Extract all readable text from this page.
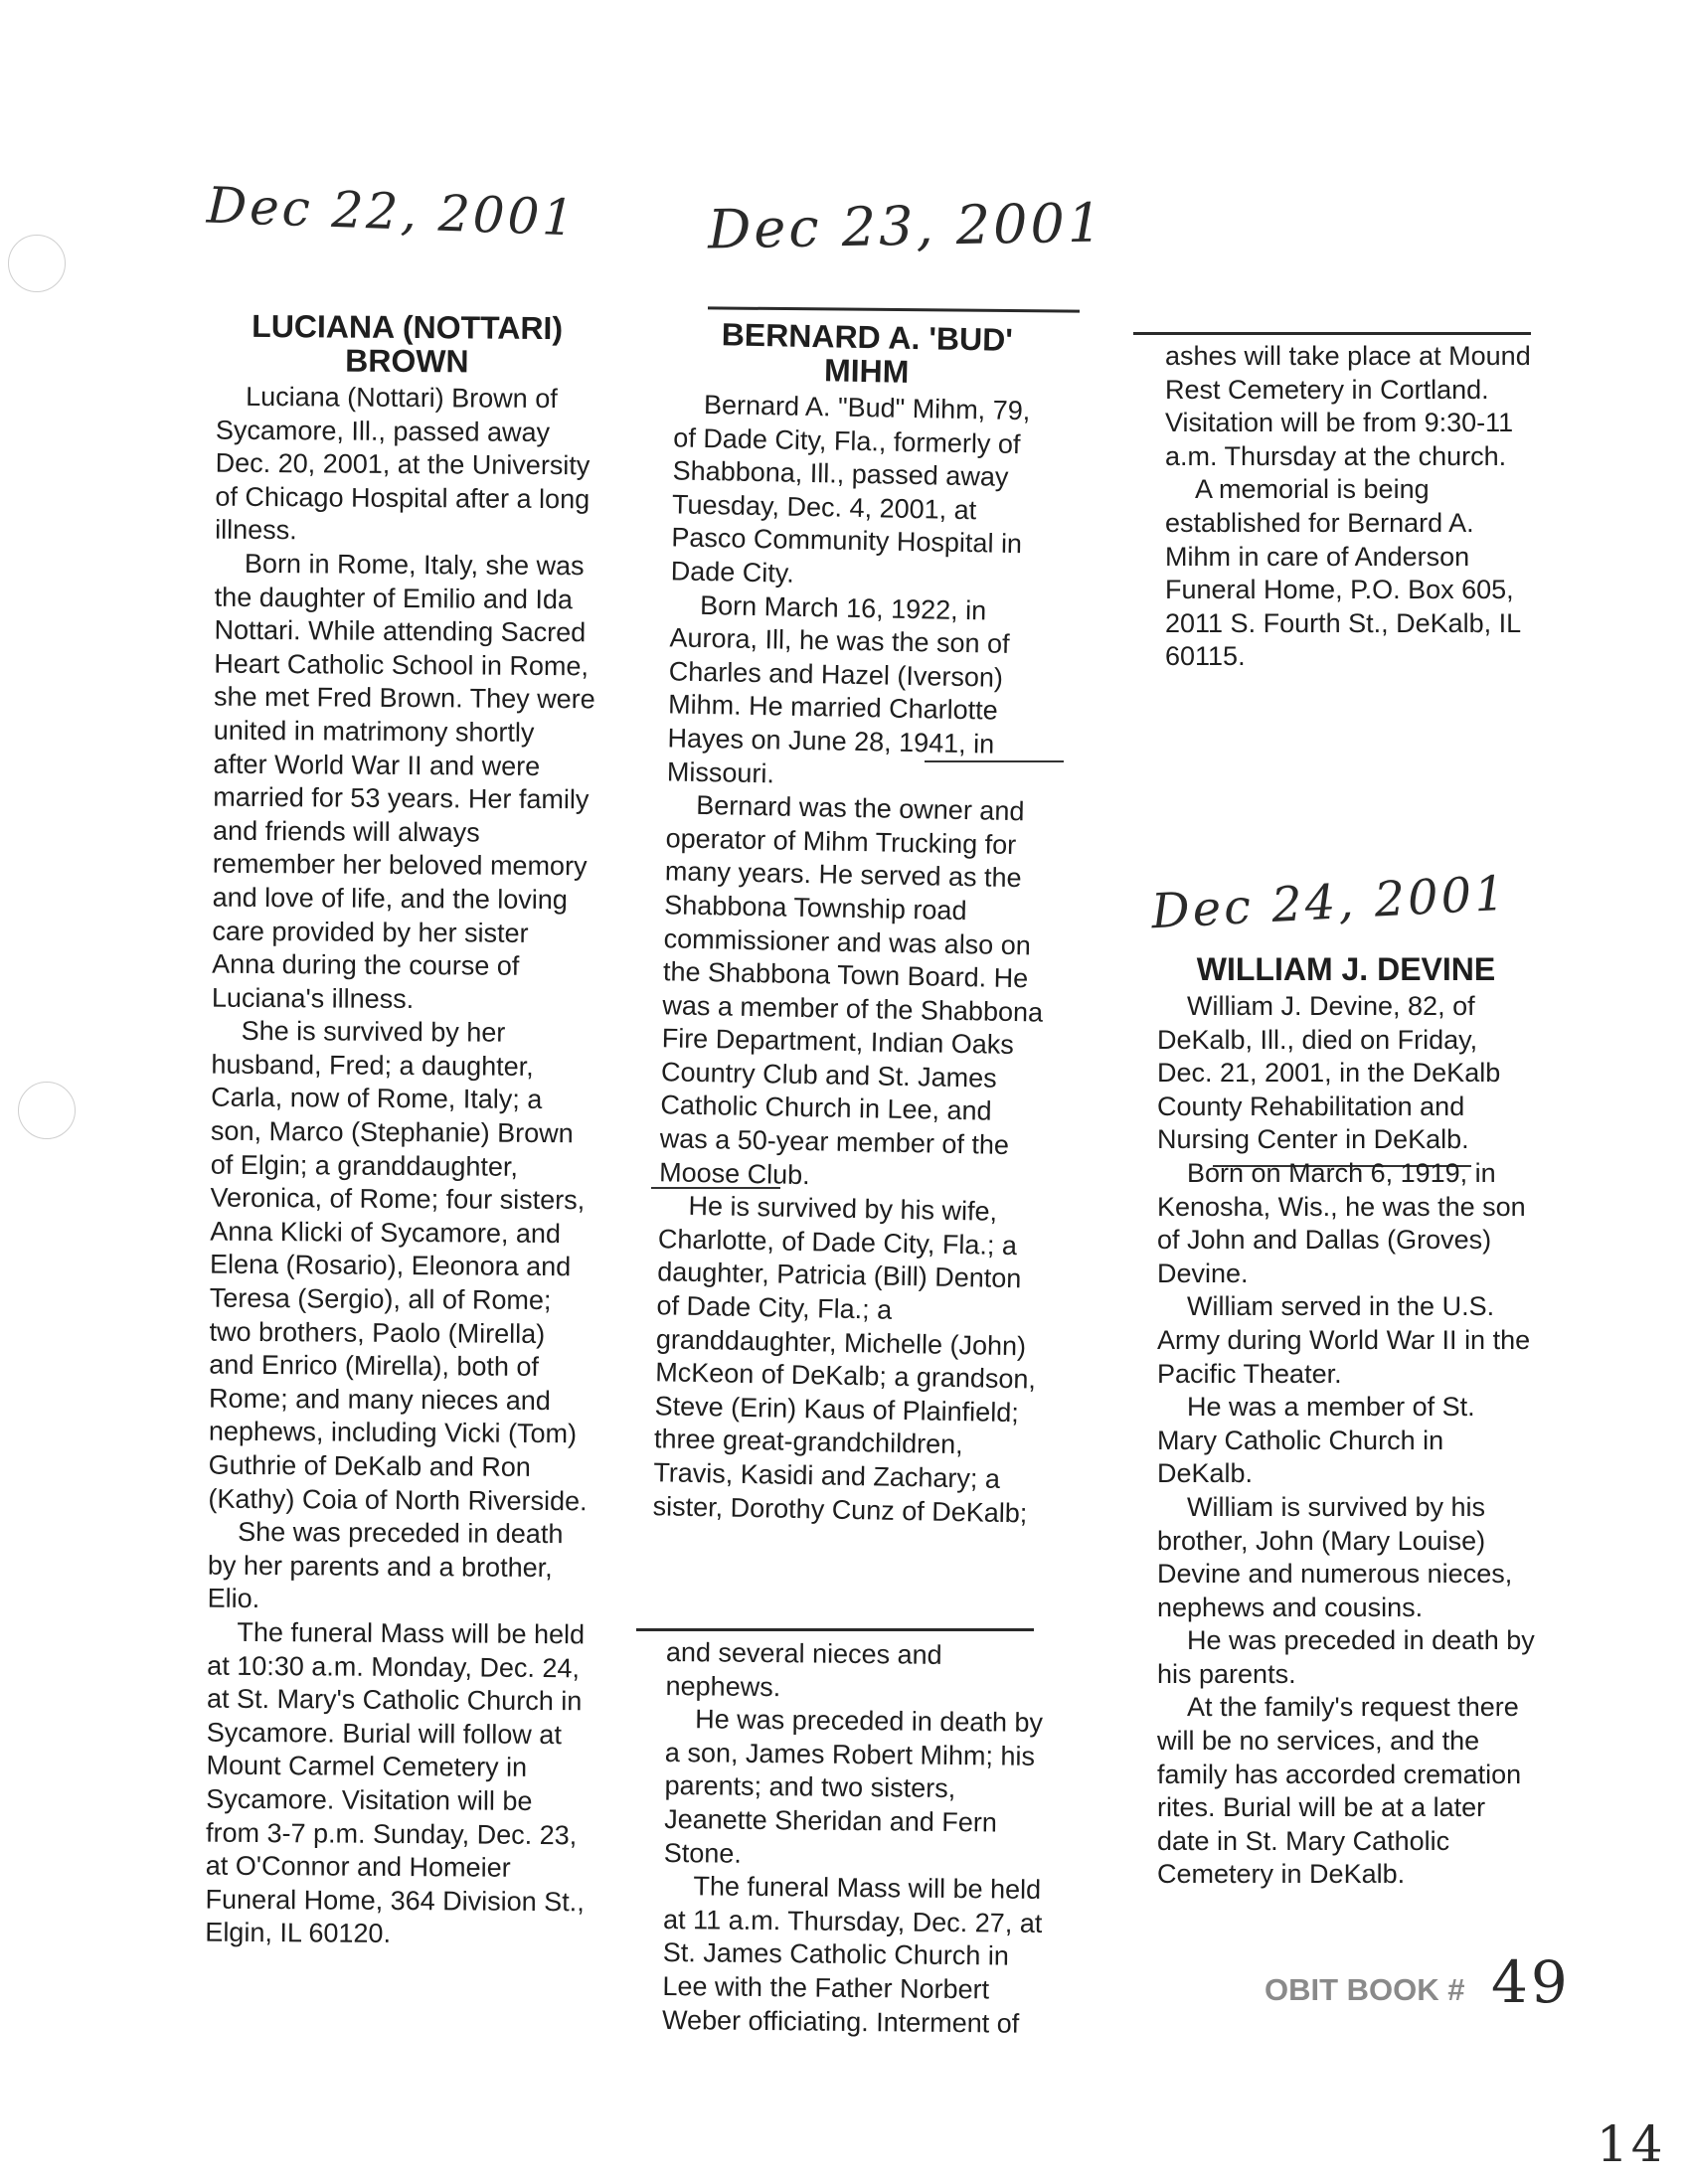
Dec 22, 2001 Dec 23, 2001
Dec 24, 2001
LUCIANA (NOTTARI) BROWN

Luciana (Nottari) Brown of Sycamore, Ill., passed away Dec. 20, 2001, at the University of Chicago Hospital after a long illness.

Born in Rome, Italy, she was the daughter of Emilio and Ida Nottari. While attending Sacred Heart Catholic School in Rome, she met Fred Brown. They were united in matrimony shortly after World War II and were married for 53 years. Her family and friends will always remember her beloved memory and love of life, and the loving care provided by her sister Anna during the course of Luciana's illness.

She is survived by her husband, Fred; a daughter, Carla, now of Rome, Italy; a son, Marco (Stephanie) Brown of Elgin; a granddaughter, Veronica, of Rome; four sisters, Anna Klicki of Sycamore, and Elena (Rosario), Eleonora and Teresa (Sergio), all of Rome; two brothers, Paolo (Mirella) and Enrico (Mirella), both of Rome; and many nieces and nephews, including Vicki (Tom) Guthrie of DeKalb and Ron (Kathy) Coia of North Riverside.

She was preceded in death by her parents and a brother, Elio.

The funeral Mass will be held at 10:30 a.m. Monday, Dec. 24, at St. Mary's Catholic Church in Sycamore. Burial will follow at Mount Carmel Cemetery in Sycamore. Visitation will be from 3-7 p.m. Sunday, Dec. 23, at O'Connor and Homeier Funeral Home, 364 Division St., Elgin, IL 60120.

BERNARD A. 'BUD' MIHM

Bernard A. "Bud" Mihm, 79, of Dade City, Fla., formerly of Shabbona, Ill., passed away Tuesday, Dec. 4, 2001, at Pasco Community Hospital in Dade City.

Born March 16, 1922, in Aurora, Ill, he was the son of Charles and Hazel (Iverson) Mihm. He married Charlotte Hayes on June 28, 1941, in Missouri.

Bernard was the owner and operator of Mihm Trucking for many years. He served as the Shabbona Township road commissioner and was also on the Shabbona Town Board. He was a member of the Shabbona Fire Department, Indian Oaks Country Club and St. James Catholic Church in Lee, and was a 50-year member of the Moose Club.

He is survived by his wife, Charlotte, of Dade City, Fla.; a daughter, Patricia (Bill) Denton of Dade City, Fla.; a granddaughter, Michelle (John) McKeon of DeKalb; a grandson, Steve (Erin) Kaus of Plainfield; three great-grandchildren, Travis, Kasidi and Zachary; a sister, Dorothy Cunz of DeKalb;

and several nieces and nephews.

He was preceded in death by a son, James Robert Mihm; his parents; and two sisters, Jeanette Sheridan and Fern Stone.

The funeral Mass will be held at 11 a.m. Thursday, Dec. 27, at St. James Catholic Church in Lee with the Father Norbert Weber officiating. Interment of

ashes will take place at Mound Rest Cemetery in Cortland. Visitation will be from 9:30-11 a.m. Thursday at the church.

A memorial is being established for Bernard A. Mihm in care of Anderson Funeral Home, P.O. Box 605, 2011 S. Fourth St., DeKalb, IL 60115.

WILLIAM J. DEVINE

William J. Devine, 82, of DeKalb, Ill., died on Friday, Dec. 21, 2001, in the DeKalb County Rehabilitation and Nursing Center in DeKalb.

Born on March 6, 1919, in Kenosha, Wis., he was the son of John and Dallas (Groves) Devine.

William served in the U.S. Army during World War II in the Pacific Theater.

He was a member of St. Mary Catholic Church in DeKalb.

William is survived by his brother, John (Mary Louise) Devine and numerous nieces, nephews and cousins.

He was preceded in death by his parents.

At the family's request there will be no services, and the family has accorded cremation rites. Burial will be at a later date in St. Mary Catholic Cemetery in DeKalb.

OBIT BOOK # 49
14
